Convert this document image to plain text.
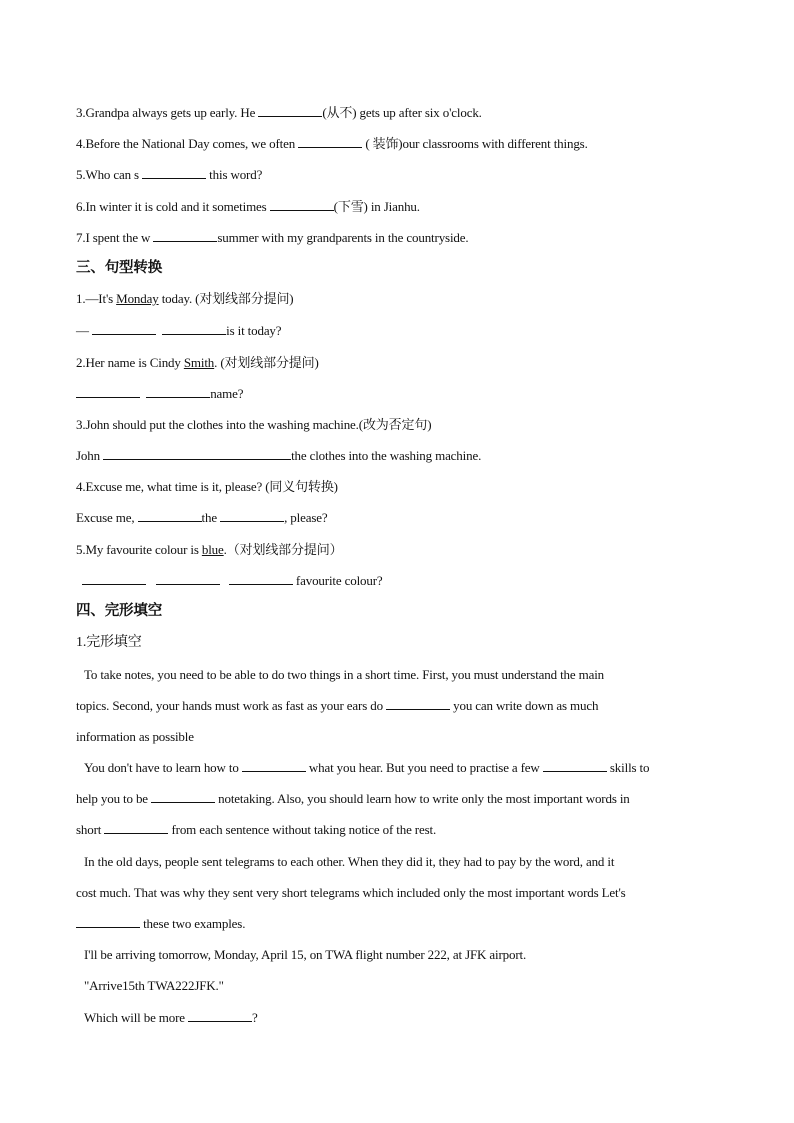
3.Grandpa always gets up early. He	(从不) gets up after six o'clock.
4.Before the National Day comes, we often	( 装饰)our classrooms with different things.
5.Who can s	this word?
6.In winter it is cold and it sometimes	(下雪) in Jianhu.
7.I spent the w	summer with my grandparents in the countryside.
三、句型转换
1.—It's Monday today. (对划线部分提问)
—	is it today?
2.Her name is Cindy Smith. (对划线部分提问)
name?
3.John should put the clothes into the washing machine.(改为否定句)
John	the clothes into the washing machine.
4.Excuse me, what time is it, please? (同义句转换)
Excuse me,	the	, please?
5.My favourite colour is blue.（对划线部分提问）
favourite colour?
四、完形填空
1.完形填空
To take notes, you need to be able to do two things in a short time. First, you must understand the main
topics. Second, your hands must work as fast as your ears do	you can write down as much
information as possible
You don't have to learn how to	what you hear. But you need to practise a few	skills to
help you to be	notetaking. Also, you should learn how to write only the most important words in
short	from each sentence without taking notice of the rest.
In the old days, people sent telegrams to each other. When they did it, they had to pay by the word, and it
cost much. That was why they sent very short telegrams which included only the most important words Let's
these two examples.
I'll be arriving tomorrow, Monday, April 15, on TWA flight number 222, at JFK airport.
"Arrive15th TWA222JFK."
Which will be more	?
